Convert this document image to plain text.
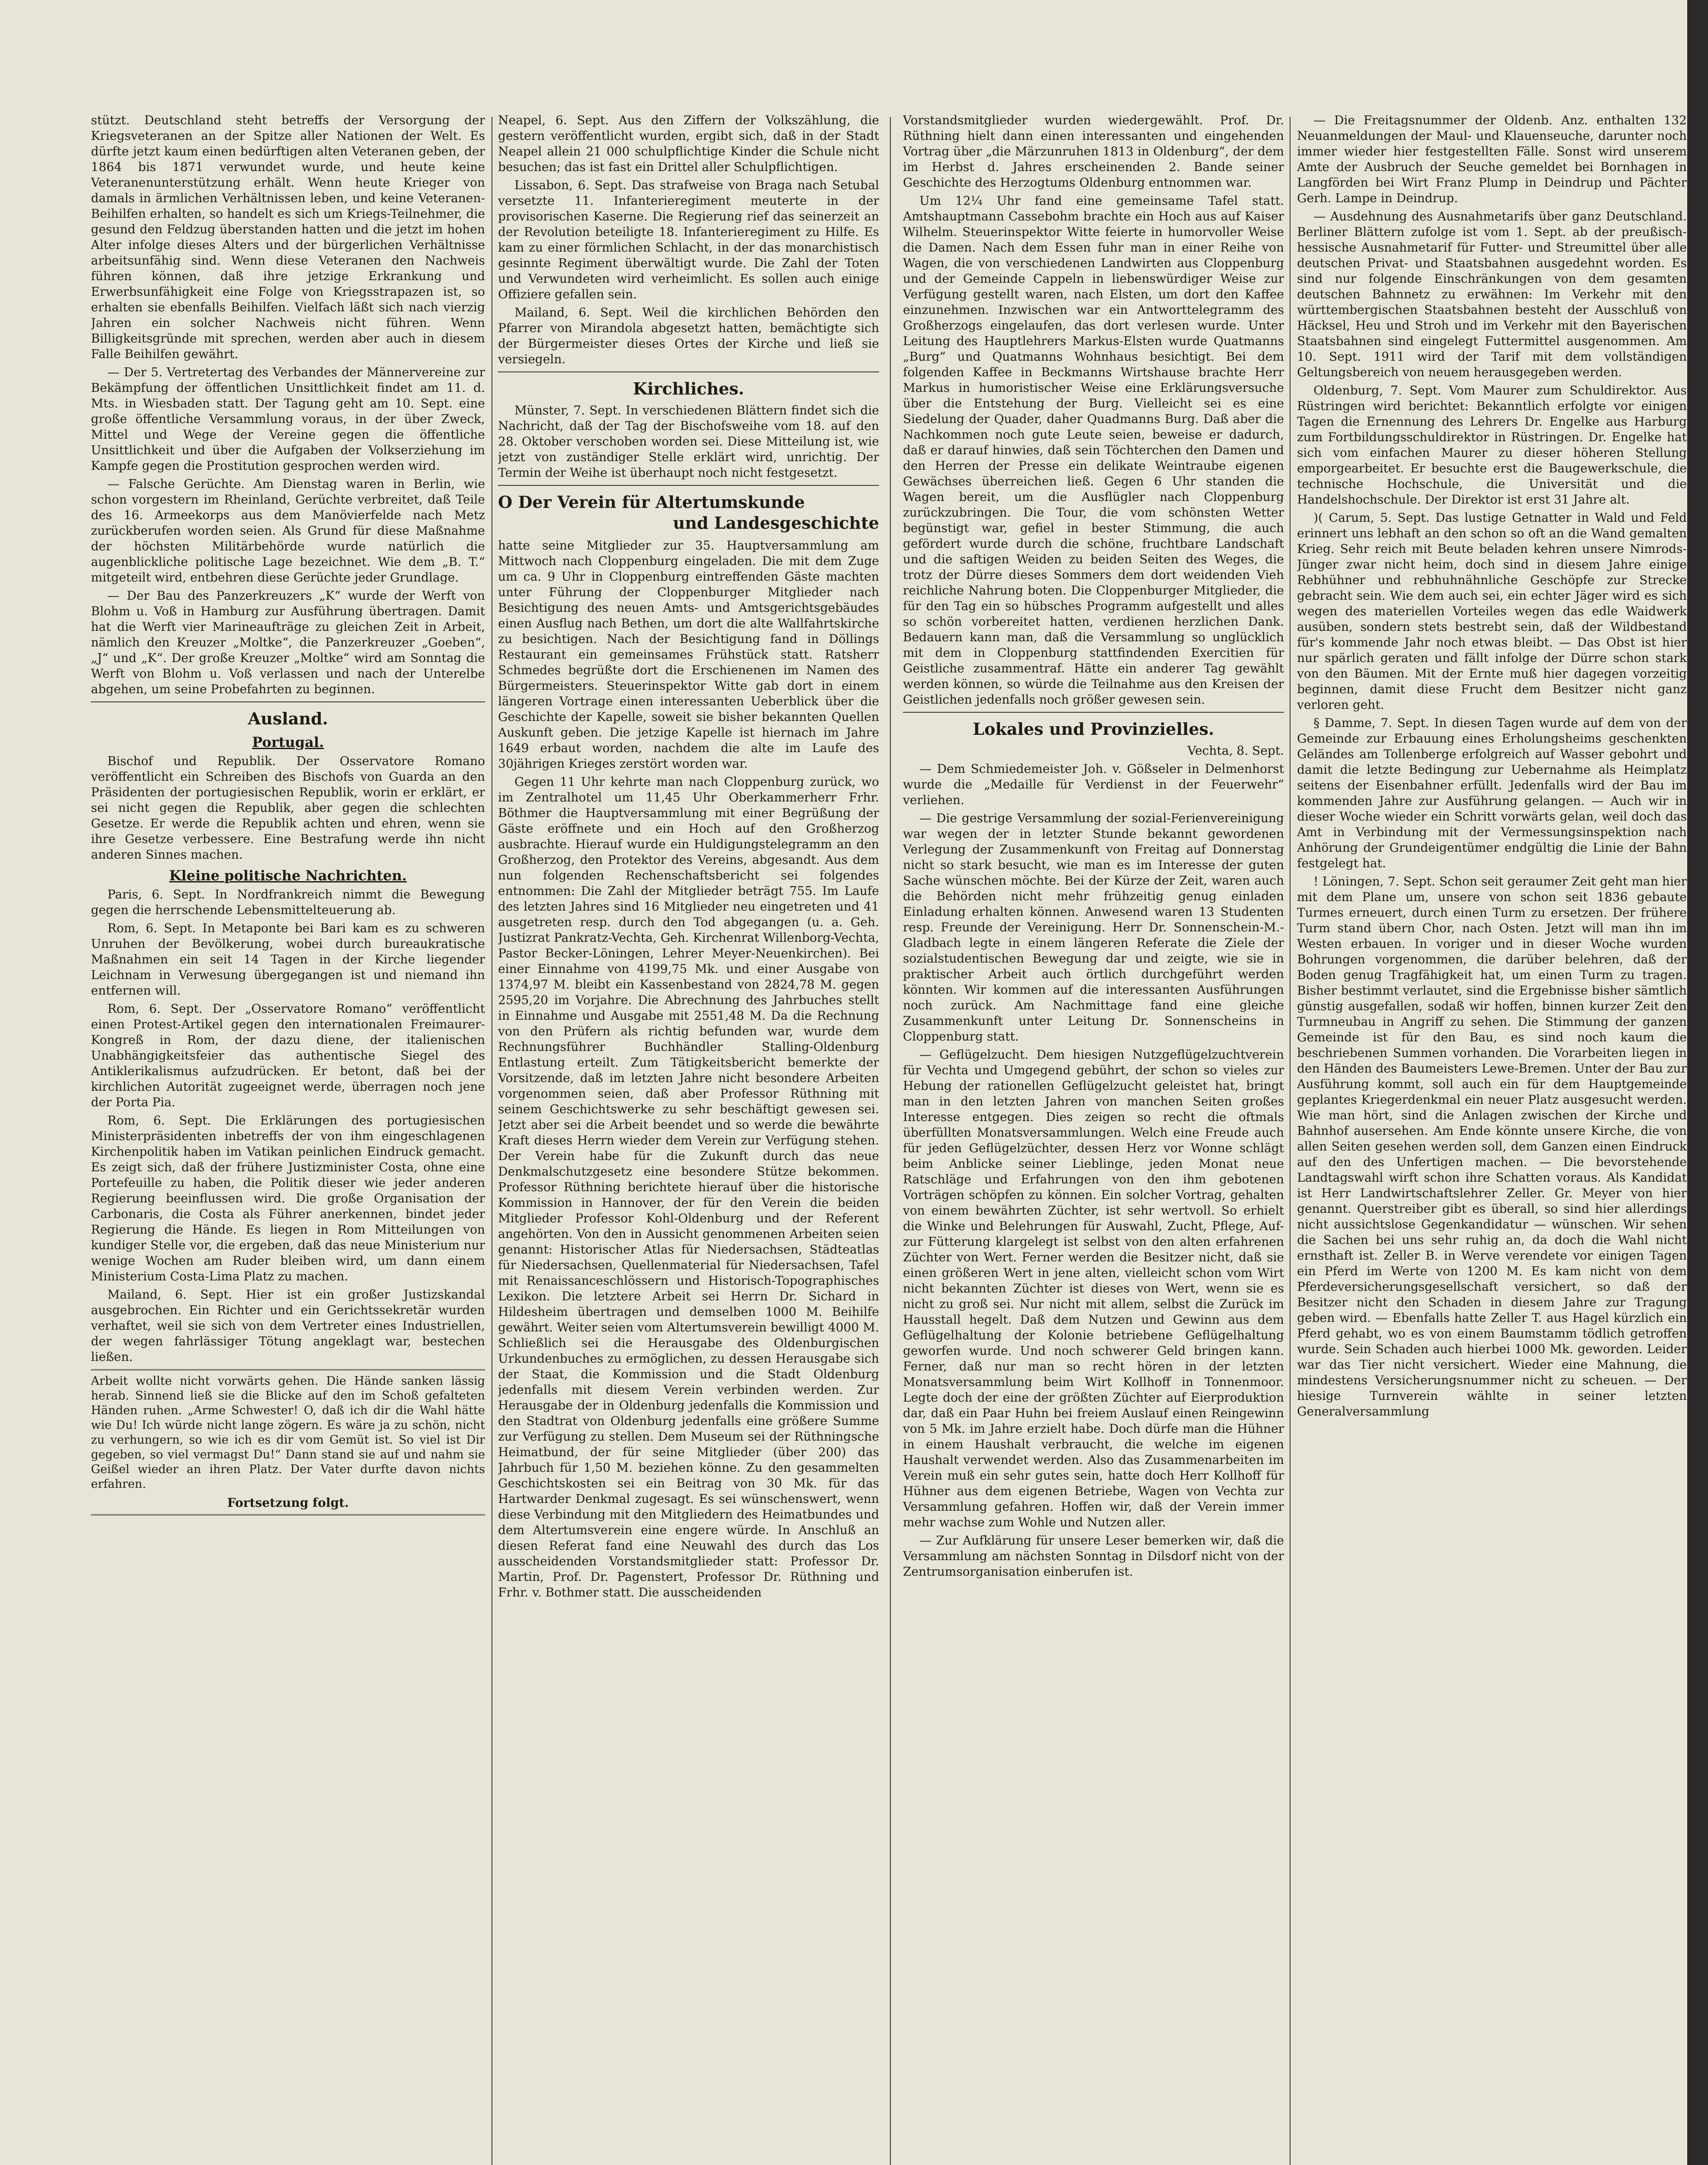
stützt. Deutschland steht betreffs der Versorgung der Kriegsveteranen an der Spitze aller Nationen der Welt. Es dürfte jetzt kaum einen bedürftigen alten Veteranen geben, der 1864 bis 1871 verwundet wurde, und heute keine Veteranenunterstützung erhält. Wenn heute Krieger von damals in ärmlichen Verhältnissen leben, und keine Veteranen-Beihilfen erhalten, so handelt es sich um Kriegs-Teilnehmer, die gesund den Feldzug überstanden hatten und die jetzt im hohen Alter infolge dieses Alters und der bürgerlichen Verhältnisse arbeitsunfähig sind. Wenn diese Veteranen den Nachweis führen können, daß ihre jetzige Erkrankung und Erwerbsunfähigkeit eine Folge von Kriegsstrapazen ist, so erhalten sie ebenfalls Beihilfen. Vielfach läßt sich nach vierzig Jahren ein solcher Nachweis nicht führen. Wenn Billigkeitsgründe mit sprechen, werden aber auch in diesem Falle Beihilfen gewährt.

— Der 5. Vertretertag des Verbandes der Männervereine zur Bekämpfung der öffentlichen Unsittlichkeit findet am 11. d. Mts. in Wiesbaden statt. Der Tagung geht am 10. Sept. eine große öffentliche Versammlung voraus, in der über Zweck, Mittel und Wege der Vereine gegen die öffentliche Unsittlichkeit und über die Aufgaben der Volkserziehung im Kampfe gegen die Prostitution gesprochen werden wird.

— Falsche Gerüchte. Am Dienstag waren in Berlin, wie schon vorgestern im Rheinland, Gerüchte verbreitet, daß Teile des 16. Armeekorps aus dem Manövierfelde nach Metz zurückberufen worden seien. Als Grund für diese Maßnahme der höchsten Militärbehörde wurde natürlich die augenblickliche politische Lage bezeichnet. Wie dem „B. T.“ mitgeteilt wird, entbehren diese Gerüchte jeder Grundlage.

— Der Bau des Panzerkreuzers „K“ wurde der Werft von Blohm u. Voß in Hamburg zur Ausführung übertragen. Damit hat die Werft vier Marineaufträge zu gleichen Zeit in Arbeit, nämlich den Kreuzer „Moltke“, die Panzerkreuzer „Goeben“, „J“ und „K“. Der große Kreuzer „Moltke“ wird am Sonntag die Werft von Blohm u. Voß verlassen und nach der Unterelbe abgehen, um seine Probefahrten zu beginnen.

Ausland.
Portugal.

Bischof und Republik. Der Osservatore Romano veröffentlicht ein Schreiben des Bischofs von Guarda an den Präsidenten der portugiesischen Republik, worin er erklärt, er sei nicht gegen die Republik, aber gegen die schlechten Gesetze. Er werde die Republik achten und ehren, wenn sie ihre Gesetze verbessere. Eine Bestrafung werde ihn nicht anderen Sinnes machen.

Kleine politische Nachrichten.

Paris, 6. Sept. In Nordfrankreich nimmt die Bewegung gegen die herrschende Lebensmittelteuerung ab.

Rom, 6. Sept. In Metaponte bei Bari kam es zu schweren Unruhen der Bevölkerung, wobei durch bureaukratische Maßnahmen ein seit 14 Tagen in der Kirche liegender Leichnam in Verwesung übergegangen ist und niemand ihn entfernen will.

Rom, 6. Sept. Der „Osservatore Romano“ veröffentlicht einen Protest-Artikel gegen den internationalen Freimaurer-Kongreß in Rom, der dazu diene, der italienischen Unabhängigkeitsfeier das authentische Siegel des Antiklerikalismus aufzudrücken. Er betont, daß bei der kirchlichen Autorität zugeeignet werde, überragen noch jene der Porta Pia.

Rom, 6. Sept. Die Erklärungen des portugiesischen Ministerpräsidenten inbetreffs der von ihm eingeschlagenen Kirchenpolitik haben im Vatikan peinlichen Eindruck gemacht. Es zeigt sich, daß der frühere Justizminister Costa, ohne eine Portefeuille zu haben, die Politik dieser wie jeder anderen Regierung beeinflussen wird. Die große Organisation der Carbonaris, die Costa als Führer anerkennen, bindet jeder Regierung die Hände. Es liegen in Rom Mitteilungen von kundiger Stelle vor, die ergeben, daß das neue Ministerium nur wenige Wochen am Ruder bleiben wird, um dann einem Ministerium Costa-Lima Platz zu machen.

Mailand, 6. Sept. Hier ist ein großer Justizskandal ausgebrochen. Ein Richter und ein Gerichtssekretär wurden verhaftet, weil sie sich von dem Vertreter eines Industriellen, der wegen fahrlässiger Tötung angeklagt war, bestechen ließen.

Arbeit wollte nicht vorwärts gehen. Die Hände sanken lässig herab. Sinnend ließ sie die Blicke auf den im Schoß gefalteten Händen ruhen. „Arme Schwester! O, daß ich dir die Wahl hätte wie Du! Ich würde nicht lange zögern. Es wäre ja zu schön, nicht zu verhungern, so wie ich es dir vom Gemüt ist. So viel ist Dir gegeben, so viel vermagst Du!“ Dann stand sie auf und nahm sie Geißel wieder an ihren Platz. Der Vater durfte davon nichts erfahren.

Fortsetzung folgt.

Neapel, 6. Sept. Aus den Ziffern der Volkszählung, die gestern veröffentlicht wurden, ergibt sich, daß in der Stadt Neapel allein 21 000 schulpflichtige Kinder die Schule nicht besuchen; das ist fast ein Drittel aller Schulpflichtigen.

Lissabon, 6. Sept. Das strafweise von Braga nach Setubal versetzte 11. Infanterieregiment meuterte in der provisorischen Kaserne. Die Regierung rief das seinerzeit an der Revolution beteiligte 18. Infanterieregiment zu Hilfe. Es kam zu einer förmlichen Schlacht, in der das monarchistisch gesinnte Regiment überwältigt wurde. Die Zahl der Toten und Verwundeten wird verheimlicht. Es sollen auch einige Offiziere gefallen sein.

Mailand, 6. Sept. Weil die kirchlichen Behörden den Pfarrer von Mirandola abgesetzt hatten, bemächtigte sich der Bürgermeister dieses Ortes der Kirche und ließ sie versiegeln.

Kirchliches.

Münster, 7. Sept. In verschiedenen Blättern findet sich die Nachricht, daß der Tag der Bischofsweihe vom 18. auf den 28. Oktober verschoben worden sei. Diese Mitteilung ist, wie jetzt von zuständiger Stelle erklärt wird, unrichtig. Der Termin der Weihe ist überhaupt noch nicht festgesetzt.

O Der Verein für Altertumskunde
und Landesgeschichte

hatte seine Mitglieder zur 35. Hauptversammlung am Mittwoch nach Cloppenburg eingeladen. Die mit dem Zuge um ca. 9 Uhr in Cloppenburg eintreffenden Gäste machten unter Führung der Cloppenburger Mitglieder nach Besichtigung des neuen Amts- und Amtsgerichtsgebäudes einen Ausflug nach Bethen, um dort die alte Wallfahrtskirche zu besichtigen. Nach der Besichtigung fand in Döllings Restaurant ein gemeinsames Frühstück statt. Ratsherr Schmedes begrüßte dort die Erschienenen im Namen des Bürgermeisters. Steuerinspektor Witte gab dort in einem längeren Vortrage einen interessanten Ueberblick über die Geschichte der Kapelle, soweit sie bisher bekannten Quellen Auskunft geben. Die jetzige Kapelle ist hiernach im Jahre 1649 erbaut worden, nachdem die alte im Laufe des 30jährigen Krieges zerstört worden war.

Gegen 11 Uhr kehrte man nach Cloppenburg zurück, wo im Zentralhotel um 11,45 Uhr Oberkammerherr Frhr. Böthmer die Hauptversammlung mit einer Begrüßung der Gäste eröffnete und ein Hoch auf den Großherzog ausbrachte. Hierauf wurde ein Huldigungstelegramm an den Großherzog, den Protektor des Vereins, abgesandt. Aus dem nun folgenden Rechenschaftsbericht sei folgendes entnommen: Die Zahl der Mitglieder beträgt 755. Im Laufe des letzten Jahres sind 16 Mitglieder neu eingetreten und 41 ausgetreten resp. durch den Tod abgegangen (u. a. Geh. Justizrat Pankratz-Vechta, Geh. Kirchenrat Willenborg-Vechta, Pastor Becker-Löningen, Lehrer Meyer-Neuenkirchen). Bei einer Einnahme von 4199,75 Mk. und einer Ausgabe von 1374,97 M. bleibt ein Kassenbestand von 2824,78 M. gegen 2595,20 im Vorjahre. Die Abrechnung des Jahrbuches stellt in Einnahme und Ausgabe mit 2551,48 M. Da die Rechnung von den Prüfern als richtig befunden war, wurde dem Rechnungsführer Buchhändler Stalling-Oldenburg Entlastung erteilt. Zum Tätigkeitsbericht bemerkte der Vorsitzende, daß im letzten Jahre nicht besondere Arbeiten vorgenommen seien, daß aber Professor Rüthning mit seinem Geschichtswerke zu sehr beschäftigt gewesen sei. Jetzt aber sei die Arbeit beendet und so werde die bewährte Kraft dieses Herrn wieder dem Verein zur Verfügung stehen. Der Verein habe für die Zukunft durch das neue Denkmalschutzgesetz eine besondere Stütze bekommen. Professor Rüthning berichtete hierauf über die historische Kommission in Hannover, der für den Verein die beiden Mitglieder Professor Kohl-Oldenburg und der Referent angehörten. Von den in Aussicht genommenen Arbeiten seien genannt: Historischer Atlas für Niedersachsen, Städteatlas für Niedersachsen, Quellenmaterial für Niedersachsen, Tafel mit Renaissanceschlössern und Historisch-Topographisches Lexikon. Die letztere Arbeit sei Herrn Dr. Sichard in Hildesheim übertragen und demselben 1000 M. Beihilfe gewährt. Weiter seien vom Altertumsverein bewilligt 4000 M. Schließlich sei die Herausgabe des Oldenburgischen Urkundenbuches zu ermöglichen, zu dessen Herausgabe sich der Staat, die Kommission und die Stadt Oldenburg jedenfalls mit diesem Verein verbinden werden. Zur Herausgabe der in Oldenburg jedenfalls die Kommission und den Stadtrat von Oldenburg jedenfalls eine größere Summe zur Verfügung zu stellen. Dem Museum sei der Rüthningsche Heimatbund, der für seine Mitglieder (über 200) das Jahrbuch für 1,50 M. beziehen könne. Zu den gesammelten Geschichtskosten sei ein Beitrag von 30 Mk. für das Hartwarder Denkmal zugesagt. Es sei wünschenswert, wenn diese Verbindung mit den Mitgliedern des Heimatbundes und dem Altertumsverein eine engere würde. In Anschluß an diesen Referat fand eine Neuwahl des durch das Los ausscheidenden Vorstandsmitglieder statt: Professor Dr. Martin, Prof. Dr. Pagenstert, Professor Dr. Rüthning und Frhr. v. Bothmer statt. Die ausscheidenden

Vorstandsmitglieder wurden wiedergewählt. Prof. Dr. Rüthning hielt dann einen interessanten und eingehenden Vortrag über „die Märzunruhen 1813 in Oldenburg“, der dem im Herbst d. Jahres erscheinenden 2. Bande seiner Geschichte des Herzogtums Oldenburg entnommen war.

Um 12¼ Uhr fand eine gemeinsame Tafel statt. Amtshauptmann Cassebohm brachte ein Hoch aus auf Kaiser Wilhelm. Steuerinspektor Witte feierte in humorvoller Weise die Damen. Nach dem Essen fuhr man in einer Reihe von Wagen, die von verschiedenen Landwirten aus Cloppenburg und der Gemeinde Cappeln in liebenswürdiger Weise zur Verfügung gestellt waren, nach Elsten, um dort den Kaffee einzunehmen. Inzwischen war ein Antworttelegramm des Großherzogs eingelaufen, das dort verlesen wurde. Unter Leitung des Hauptlehrers Markus-Elsten wurde Quatmanns „Burg“ und Quatmanns Wohnhaus besichtigt. Bei dem folgenden Kaffee in Beckmanns Wirtshause brachte Herr Markus in humoristischer Weise eine Erklärungsversuche über die Entstehung der Burg. Vielleicht sei es eine Siedelung der Quader, daher Quadmanns Burg. Daß aber die Nachkommen noch gute Leute seien, beweise er dadurch, daß er darauf hinwies, daß sein Töchterchen den Damen und den Herren der Presse ein delikate Weintraube eigenen Gewächses überreichen ließ. Gegen 6 Uhr standen die Wagen bereit, um die Ausflügler nach Cloppenburg zurückzubringen. Die Tour, die vom schönsten Wetter begünstigt war, gefiel in bester Stimmung, die auch gefördert wurde durch die schöne, fruchtbare Landschaft und die saftigen Weiden zu beiden Seiten des Weges, die trotz der Dürre dieses Sommers dem dort weidenden Vieh reichliche Nahrung boten. Die Cloppenburger Mitglieder, die für den Tag ein so hübsches Programm aufgestellt und alles so schön vorbereitet hatten, verdienen herzlichen Dank. Bedauern kann man, daß die Versammlung so unglücklich mit dem in Cloppenburg stattfindenden Exercitien für Geistliche zusammentraf. Hätte ein anderer Tag gewählt werden können, so würde die Teilnahme aus den Kreisen der Geistlichen jedenfalls noch größer gewesen sein.

Lokales und Provinzielles.

Vechta, 8. Sept.

— Dem Schmiedemeister Joh. v. Gößseler in Delmenhorst wurde die „Medaille für Verdienst in der Feuerwehr“ verliehen.

— Die gestrige Versammlung der sozial-Ferienvereinigung war wegen der in letzter Stunde bekannt gewordenen Verlegung der Zusammenkunft von Freitag auf Donnerstag nicht so stark besucht, wie man es im Interesse der guten Sache wünschen möchte. Bei der Kürze der Zeit, waren auch die Behörden nicht mehr frühzeitig genug einladen Einladung erhalten können. Anwesend waren 13 Studenten resp. Freunde der Vereinigung. Herr Dr. Sonnenschein-M.-Gladbach legte in einem längeren Referate die Ziele der sozialstudentischen Bewegung dar und zeigte, wie sie in praktischer Arbeit auch örtlich durchgeführt werden könnten. Wir kommen auf die interessanten Ausführungen noch zurück. Am Nachmittage fand eine gleiche Zusammenkunft unter Leitung Dr. Sonnenscheins in Cloppenburg statt.

— Geflügelzucht. Dem hiesigen Nutzgeflügelzuchtverein für Vechta und Umgegend gebührt, der schon so vieles zur Hebung der rationellen Geflügelzucht geleistet hat, bringt man in den letzten Jahren von manchen Seiten großes Interesse entgegen. Dies zeigen so recht die oftmals überfüllten Monatsversammlungen. Welch eine Freude auch für jeden Geflügelzüchter, dessen Herz vor Wonne schlägt beim Anblicke seiner Lieblinge, jeden Monat neue Ratschläge und Erfahrungen von den ihm gebotenen Vorträgen schöpfen zu können. Ein solcher Vortrag, gehalten von einem bewährten Züchter, ist sehr wertvoll. So erhielt die Winke und Belehrungen für Auswahl, Zucht, Pflege, Auf- zur Fütterung klargelegt ist selbst von den alten erfahrenen Züchter von Wert. Ferner werden die Besitzer nicht, daß sie einen größeren Wert in jene alten, vielleicht schon vom Wirt nicht bekannten Züchter ist dieses von Wert, wenn sie es nicht zu groß sei. Nur nicht mit allem, selbst die Zurück im Hausstall hegelt. Daß dem Nutzen und Gewinn aus dem Geflügelhaltung der Kolonie betriebene Geflügelhaltung geworfen wurde. Und noch schwerer Geld bringen kann. Ferner, daß nur man so recht hören in der letzten Monatsversammlung beim Wirt Kollhoff in Tonnenmoor. Legte doch der eine der größten Züchter auf Eierproduktion dar, daß ein Paar Huhn bei freiem Auslauf einen Reingewinn von 5 Mk. im Jahre erzielt habe. Doch dürfe man die Hühner in einem Haushalt verbraucht, die welche im eigenen Haushalt verwendet werden. Also das Zusammenarbeiten im Verein muß ein sehr gutes sein, hatte doch Herr Kollhoff für Hühner aus dem eigenen Betriebe, Wagen von Vechta zur Versammlung gefahren. Hoffen wir, daß der Verein immer mehr wachse zum Wohle und Nutzen aller.

— Zur Aufklärung für unsere Leser bemerken wir, daß die Versammlung am nächsten Sonntag in Dilsdorf nicht von der Zentrumsorganisation einberufen ist.

— Die Freitagsnummer der Oldenb. Anz. enthalten 132 Neuanmeldungen der Maul- und Klauenseuche, darunter noch immer wieder hier festgestellten Fälle. Sonst wird unserem Amte der Ausbruch der Seuche gemeldet bei Bornhagen in Langförden bei Wirt Franz Plump in Deindrup und Pächter Gerh. Lampe in Deindrup.

— Ausdehnung des Ausnahmetarifs über ganz Deutschland. Berliner Blättern zufolge ist vom 1. Sept. ab der preußisch-hessische Ausnahmetarif für Futter- und Streumittel über alle deutschen Privat- und Staatsbahnen ausgedehnt worden. Es sind nur folgende Einschränkungen von dem gesamten deutschen Bahnnetz zu erwähnen: Im Verkehr mit den württembergischen Staatsbahnen besteht der Ausschluß von Häcksel, Heu und Stroh und im Verkehr mit den Bayerischen Staatsbahnen sind eingelegt Futtermittel ausgenommen. Am 10. Sept. 1911 wird der Tarif mit dem vollständigen Geltungsbereich von neuem herausgegeben werden.

Oldenburg, 7. Sept. Vom Maurer zum Schuldirektor. Aus Rüstringen wird berichtet: Bekanntlich erfolgte vor einigen Tagen die Ernennung des Lehrers Dr. Engelke aus Harburg zum Fortbildungsschuldirektor in Rüstringen. Dr. Engelke hat sich vom einfachen Maurer zu dieser höheren Stellung emporgearbeitet. Er besuchte erst die Baugewerkschule, die technische Hochschule, die Universität und die Handelshochschule. Der Direktor ist erst 31 Jahre alt.

)( Carum, 5. Sept. Das lustige Getnatter in Wald und Feld erinnert uns lebhaft an den schon so oft an die Wand gemalten Krieg. Sehr reich mit Beute beladen kehren unsere Nimrods-Jünger zwar nicht heim, doch sind in diesem Jahre einige Rebhühner und rebhuhnähnliche Geschöpfe zur Strecke gebracht sein. Wie dem auch sei, ein echter Jäger wird es sich wegen des materiellen Vorteiles wegen das edle Waidwerk ausüben, sondern stets bestrebt sein, daß der Wildbestand für's kommende Jahr noch etwas bleibt. — Das Obst ist hier nur spärlich geraten und fällt infolge der Dürre schon stark von den Bäumen. Mit der Ernte muß hier dagegen vorzeitig beginnen, damit diese Frucht dem Besitzer nicht ganz verloren geht.

§ Damme, 7. Sept. In diesen Tagen wurde auf dem von der Gemeinde zur Erbauung eines Erholungsheims geschenkten Geländes am Tollenberge erfolgreich auf Wasser gebohrt und damit die letzte Bedingung zur Uebernahme als Heimplatz seitens der Eisenbahner erfüllt. Jedenfalls wird der Bau im kommenden Jahre zur Ausführung gelangen. — Auch wir in dieser Woche wieder ein Schritt vorwärts gelan, weil doch das Amt in Verbindung mit der Vermessungsinspektion nach Anhörung der Grundeigentümer endgültig die Linie der Bahn festgelegt hat.

! Löningen, 7. Sept. Schon seit geraumer Zeit geht man hier mit dem Plane um, unsere von schon seit 1836 gebaute Turmes erneuert, durch einen Turm zu ersetzen. Der frühere Turm stand übern Chor, nach Osten. Jetzt will man ihn im Westen erbauen. In voriger und in dieser Woche wurden Bohrungen vorgenommen, die darüber belehren, daß der Boden genug Tragfähigkeit hat, um einen Turm zu tragen. Bisher bestimmt verlautet, sind die Ergebnisse bisher sämtlich günstig ausgefallen, sodaß wir hoffen, binnen kurzer Zeit den Turmneubau in Angriff zu sehen. Die Stimmung der ganzen Gemeinde ist für den Bau, es sind noch kaum die beschriebenen Summen vorhanden. Die Vorarbeiten liegen in den Händen des Baumeisters Lewe-Bremen. Unter der Bau zur Ausführung kommt, soll auch ein für dem Hauptgemeinde geplantes Kriegerdenkmal ein neuer Platz ausgesucht werden. Wie man hört, sind die Anlagen zwischen der Kirche und Bahnhof ausersehen. Am Ende könnte unsere Kirche, die von allen Seiten gesehen werden soll, dem Ganzen einen Eindruck auf den des Unfertigen machen. — Die bevorstehende Landtagswahl wirft schon ihre Schatten voraus. Als Kandidat ist Herr Landwirtschaftslehrer Zeller. Gr. Meyer von hier genannt. Querstreiber gibt es überall, so sind hier allerdings nicht aussichtslose Gegenkandidatur — wünschen. Wir sehen die Sachen bei uns sehr ruhig an, da doch die Wahl nicht ernsthaft ist. Zeller B. in Werve verendete vor einigen Tagen ein Pferd im Werte von 1200 M. Es kam nicht von dem Pferdeversicherungsgesellschaft versichert, so daß der Besitzer nicht den Schaden in diesem Jahre zur Tragung geben wird. — Ebenfalls hatte Zeller T. aus Hagel kürzlich ein Pferd gehabt, wo es von einem Baumstamm tödlich getroffen wurde. Sein Schaden auch hierbei 1000 Mk. geworden. Leider war das Tier nicht versichert. Wieder eine Mahnung, die mindestens Versicherungsnummer nicht zu scheuen. — Der hiesige Turnverein wählte in seiner letzten Generalversammlung
